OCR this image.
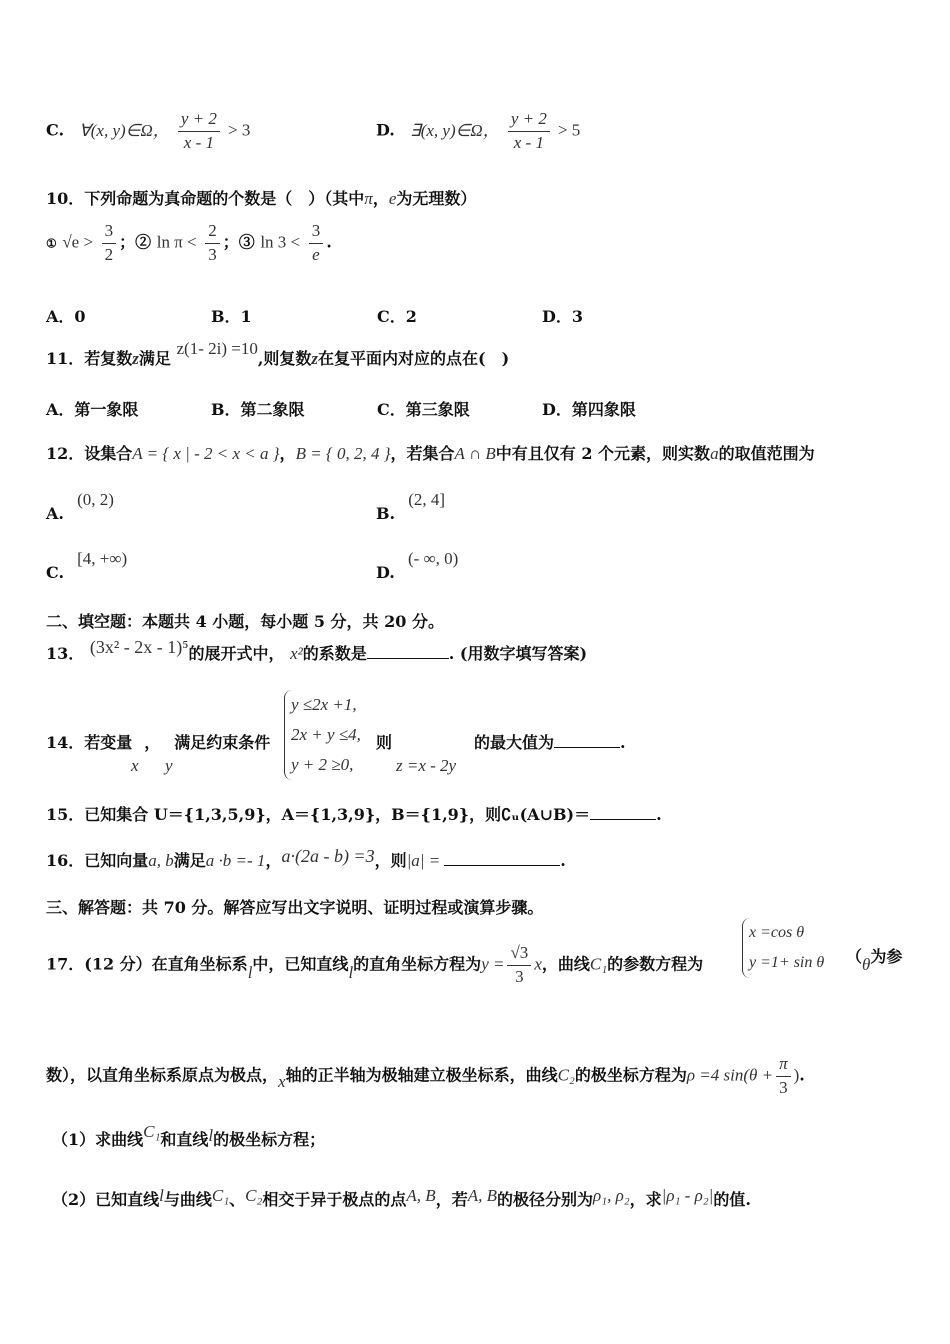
C. ∀(x, y)∈Ω， $\frac{y + 2}{x - 1} > 3$	D. ∃(x, y)∈Ω， $\frac{y + 2}{x - 1} > 5$
10．下列命题为真命题的个数是（　）（其中π，e为无理数）
① $√e > \frac{3}{2}$ ；② $\ln \pi < \frac{2}{3}$ ；③ $\ln 3 < \frac{3}{e}$ .
A．0	B．1	C．2	D．3
11．若复数z满足 z(1- 2i) =10,则复数z在复平面内对应的点在(　)
A．第一象限	B．第二象限	C．第三象限	D．第四象限
12．设集合A = { x | - 2 < x < a }，B = { 0, 2, 4 }，若集合A ∩ B中有且仅有 2 个元素，则实数a的取值范围为
A. (0, 2)
B. (2, 4]
C. [4, +∞)
D. (- ∞, 0)
二、填空题：本题共 4 小题，每小题 5 分，共 20 分。
13． (3x² - 2x - 1)⁵的展开式中， x²的系数是	. (用数字填写答案)
14．若变量 ， 满足约束条件
x y
y ≤2x +1,
2x + y ≤4,
y + 2 ≥0,
则
z =x - 2y
的最大值为	.
15．已知集合 U＝{1,3,5,9}，A＝{1,3,9}，B＝{1,9}，则∁ᵤ(A∪B)＝	.
16．已知向量a, b满足a ·b =- 1，a·(2a - b) =3，则|a| =	.
三、解答题：共 70 分。解答应写出文字说明、证明过程或演算步骤。
17．(12 分）在直角坐标系l中，已知直线l的直角坐标方程为$y = \frac{√3}{3}$ x，曲线C₁的参数方程为
x =cos θ
y =1+ sin θ （θ为参
数），以直角坐标系原点为极点，x轴的正半轴为极轴建立极坐标系，曲线C₂的极坐标方程为ρ =4 $\sin(\theta + \frac{\pi}{3}$ ).
（1）求曲线C₁和直线l的极坐标方程；
（2）已知直线l与曲线C₁、C₂相交于异于极点的点A, B，若A, B的极径分别为ρ₁, ρ₂，求|ρ₁ - ρ₂|的值.
